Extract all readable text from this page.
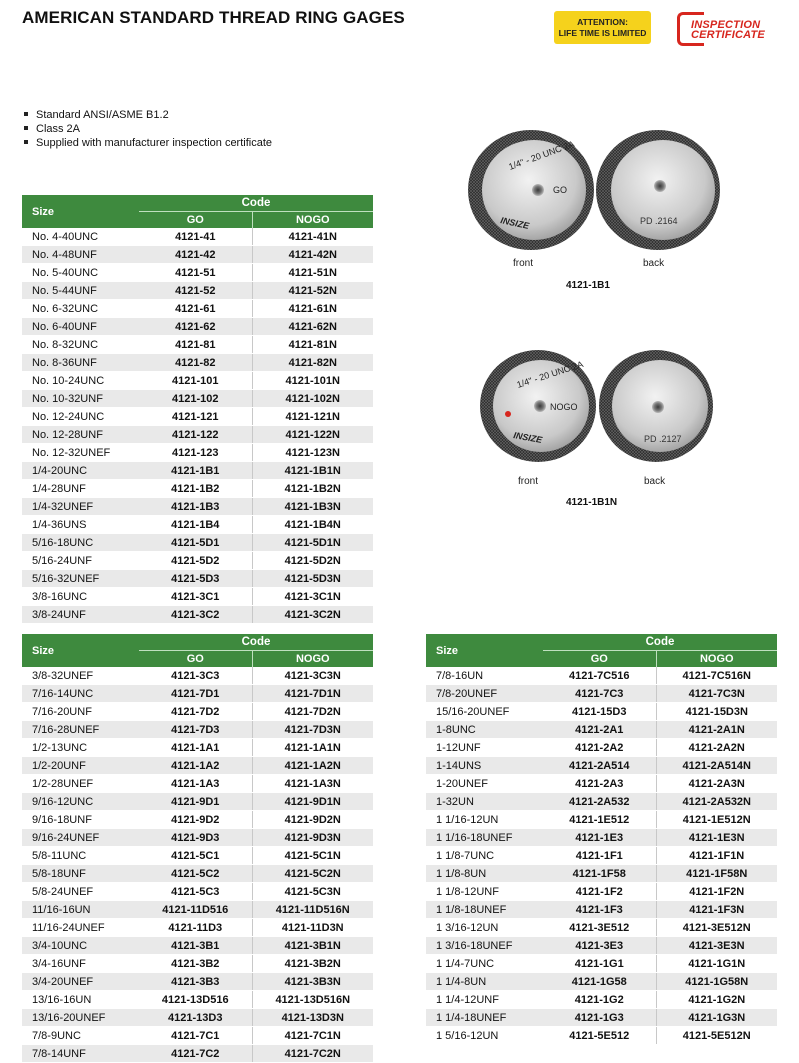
AMERICAN STANDARD THREAD RING GAGES	ATTENTION:
LIFE TIME IS LIMITED
INSPECTION
CERTIFICATE
Standard ANSI/ASME B1.2
Class 2A
Supplied with manufacturer inspection certificate
Size	Code	
	GO	NOGO
No. 4-40UNC	4121-41	4121-41N
No. 4-48UNF	4121-42	4121-42N
No. 5-40UNC	4121-51	4121-51N
No. 5-44UNF	4121-52	4121-52N
No. 6-32UNC	4121-61	4121-61N
No. 6-40UNF	4121-62	4121-62N
No. 8-32UNC	4121-81	4121-81N
No. 8-36UNF	4121-82	4121-82N
No. 10-24UNC	4121-101	4121-101N
No. 10-32UNF	4121-102	4121-102N
No. 12-24UNC	4121-121	4121-121N
No. 12-28UNF	4121-122	4121-122N
No. 12-32UNEF	4121-123	4121-123N
1/4-20UNC	4121-1B1	4121-1B1N
1/4-28UNF	4121-1B2	4121-1B2N
1/4-32UNEF	4121-1B3	4121-1B3N
1/4-36UNS	4121-1B4	4121-1B4N
5/16-18UNC	4121-5D1	4121-5D1N
5/16-24UNF	4121-5D2	4121-5D2N
5/16-32UNEF	4121-5D3	4121-5D3N
3/8-16UNC	4121-3C1	4121-3C1N
3/8-24UNF	4121-3C2	4121-3C2N
Size	Code	
	GO	NOGO
3/8-32UNEF	4121-3C3	4121-3C3N
7/16-14UNC	4121-7D1	4121-7D1N
7/16-20UNF	4121-7D2	4121-7D2N
7/16-28UNEF	4121-7D3	4121-7D3N
1/2-13UNC	4121-1A1	4121-1A1N
1/2-20UNF	4121-1A2	4121-1A2N
1/2-28UNEF	4121-1A3	4121-1A3N
9/16-12UNC	4121-9D1	4121-9D1N
9/16-18UNF	4121-9D2	4121-9D2N
9/16-24UNEF	4121-9D3	4121-9D3N
5/8-11UNC	4121-5C1	4121-5C1N
5/8-18UNF	4121-5C2	4121-5C2N
5/8-24UNEF	4121-5C3	4121-5C3N
11/16-16UN	4121-11D516	4121-11D516N
11/16-24UNEF	4121-11D3	4121-11D3N
3/4-10UNC	4121-3B1	4121-3B1N
3/4-16UNF	4121-3B2	4121-3B2N
3/4-20UNEF	4121-3B3	4121-3B3N
13/16-16UN	4121-13D516	4121-13D516N
13/16-20UNEF	4121-13D3	4121-13D3N
7/8-9UNC	4121-7C1	4121-7C1N
7/8-14UNF	4121-7C2	4121-7C2N
Size	Code	
	GO	NOGO
7/8-16UN	4121-7C516	4121-7C516N
7/8-20UNEF	4121-7C3	4121-7C3N
15/16-20UNEF	4121-15D3	4121-15D3N
1-8UNC	4121-2A1	4121-2A1N
1-12UNF	4121-2A2	4121-2A2N
1-14UNS	4121-2A514	4121-2A514N
1-20UNEF	4121-2A3	4121-2A3N
1-32UN	4121-2A532	4121-2A532N
1 1/16-12UN	4121-1E512	4121-1E512N
1 1/16-18UNEF	4121-1E3	4121-1E3N
1 1/8-7UNC	4121-1F1	4121-1F1N
1 1/8-8UN	4121-1F58	4121-1F58N
1 1/8-12UNF	4121-1F2	4121-1F2N
1 1/8-18UNEF	4121-1F3	4121-1F3N
1 3/16-12UN	4121-3E512	4121-3E512N
1 3/16-18UNEF	4121-3E3	4121-3E3N
1 1/4-7UNC	4121-1G1	4121-1G1N
1 1/4-8UN	4121-1G58	4121-1G58N
1 1/4-12UNF	4121-1G2	4121-1G2N
1 1/4-18UNEF	4121-1G3	4121-1G3N
1 5/16-12UN	4121-5E512	4121-5E512N
1/4" - 20 UNC 2A
GO
INSIZE	PD .2164
1/4" - 20 UNC 2A
NOGO
INSIZE	PD .2127
front	back
4121-1B1
front	back
4121-1B1N
